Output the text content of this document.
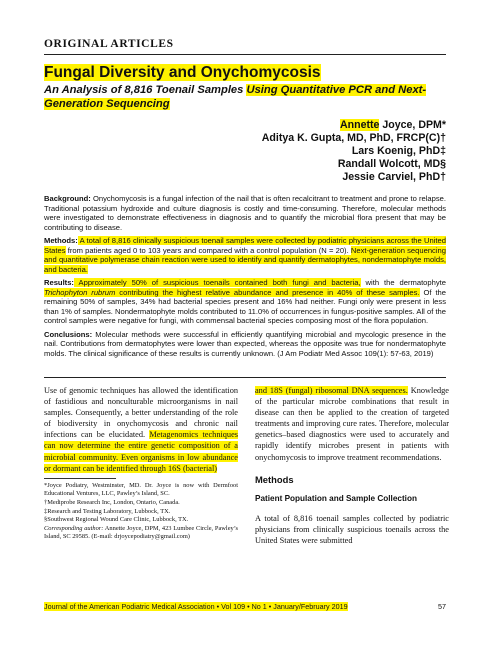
ORIGINAL ARTICLES
Fungal Diversity and Onychomycosis
An Analysis of 8,816 Toenail Samples Using Quantitative PCR and Next-Generation Sequencing
Annette Joyce, DPM*
Aditya K. Gupta, MD, PhD, FRCP(C)†
Lars Koenig, PhD‡
Randall Wolcott, MD§
Jessie Carviel, PhD†

Background: Onychomycosis is a fungal infection of the nail that is often recalcitrant to treatment and prone to relapse. Traditional potassium hydroxide and culture diagnosis is costly and time-consuming. Therefore, molecular methods were investigated to demonstrate effectiveness in diagnosis and to quantify the microbial flora present that may be contributing to disease.

Methods: A total of 8,816 clinically suspicious toenail samples were collected by podiatric physicians across the United States from patients aged 0 to 103 years and compared with a control population (N = 20). Next-generation sequencing and quantitative polymerase chain reaction were used to identify and quantify dermatophytes, nondermatophyte molds, and bacteria.

Results: Approximately 50% of suspicious toenails contained both fungi and bacteria, with the dermatophyte Trichophyton rubrum contributing the highest relative abundance and presence in 40% of these samples. Of the remaining 50% of samples, 34% had bacterial species present and 16% had neither. Fungi only were present in less than 1% of samples. Nondermatophyte molds contributed to 11.0% of occurrences in fungus-positive samples. All of the control samples were negative for fungi, with commensal bacterial species composing most of the flora population.

Conclusions: Molecular methods were successful in efficiently quantifying microbial and mycologic presence in the nail. Contributions from dermatophytes were lower than expected, whereas the opposite was true for nondermatophyte molds. The clinical significance of these results is currently unknown. (J Am Podiatr Med Assoc 109(1): 57-63, 2019)

Use of genomic techniques has allowed the identification of fastidious and nonculturable microorganisms in nail samples. Consequently, a better understanding of the role of biodiversity in onychomycosis and chronic nail infections can be elucidated. Metagenomics techniques can now determine the entire genetic composition of a microbial community. Even organisms in low abundance or dormant can be identified through 16S (bacterial)

*Joyce Podiatry, Westminster, MD. Dr. Joyce is now with Dermfoot Educational Ventures, LLC, Pawley’s Island, SC.

†Mediprobe Research Inc, London, Ontario, Canada.

‡Research and Testing Laboratory, Lubbock, TX.

§Southwest Regional Wound Care Clinic, Lubbock, TX.

Corresponding author: Annette Joyce, DPM, 423 Lumbee Circle, Pawley’s Island, SC 29585. (E-mail: drjoycepodiatry@gmail.com)

and 18S (fungal) ribosomal DNA sequences. Knowledge of the particular microbe combinations that result in disease can then be applied to the creation of targeted treatments and improving cure rates. Therefore, molecular genetics–based diagnostics were used to accurately and rapidly identify microbes present in patients with onychomycosis to improve treatment recommendations.

Methods
Patient Population and Sample Collection

A total of 8,816 toenail samples collected by podiatric physicians from clinically suspicious toenails across the United States were submitted

Journal of the American Podiatric Medical Association • Vol 109 • No 1 • January/February 2019	57
